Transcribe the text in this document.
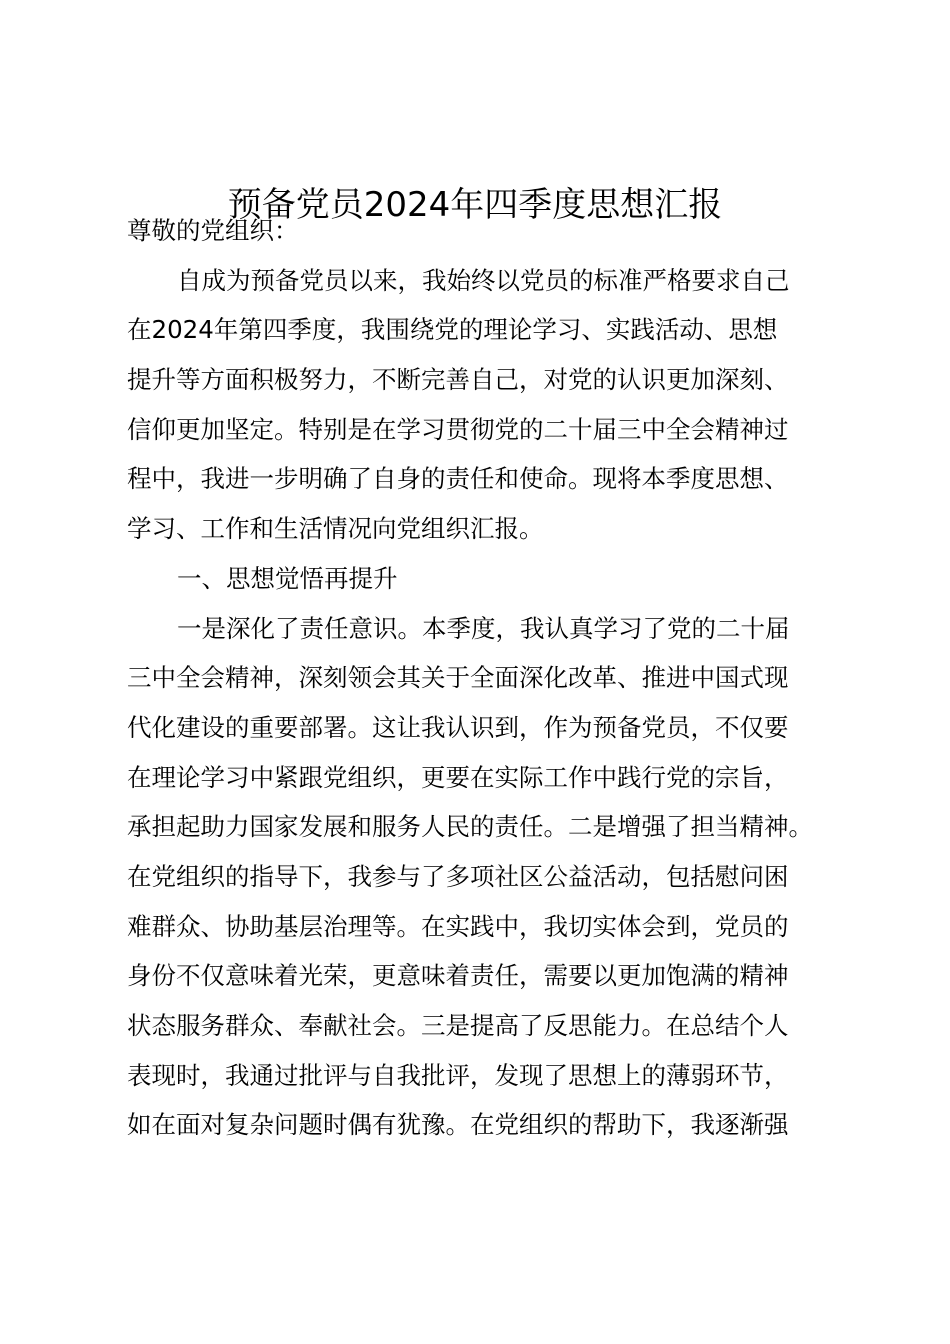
预备党员2024年四季度思想汇报
尊敬的党组织：
自成为预备党员以来，我始终以党员的标准严格要求自己
在2024年第四季度，我围绕党的理论学习、实践活动、思想
提升等方面积极努力，不断完善自己，对党的认识更加深刻、
信仰更加坚定。特别是在学习贯彻党的二十届三中全会精神过
程中，我进一步明确了自身的责任和使命。现将本季度思想、
学习、工作和生活情况向党组织汇报。
一、思想觉悟再提升
一是深化了责任意识。本季度，我认真学习了党的二十届
三中全会精神，深刻领会其关于全面深化改革、推进中国式现
代化建设的重要部署。这让我认识到，作为预备党员，不仅要
在理论学习中紧跟党组织，更要在实际工作中践行党的宗旨，
承担起助力国家发展和服务人民的责任。二是增强了担当精神。
在党组织的指导下，我参与了多项社区公益活动，包括慰问困
难群众、协助基层治理等。在实践中，我切实体会到，党员的
身份不仅意味着光荣，更意味着责任，需要以更加饱满的精神
状态服务群众、奉献社会。三是提高了反思能力。在总结个人
表现时，我通过批评与自我批评，发现了思想上的薄弱环节，
如在面对复杂问题时偶有犹豫。在党组织的帮助下，我逐渐强
